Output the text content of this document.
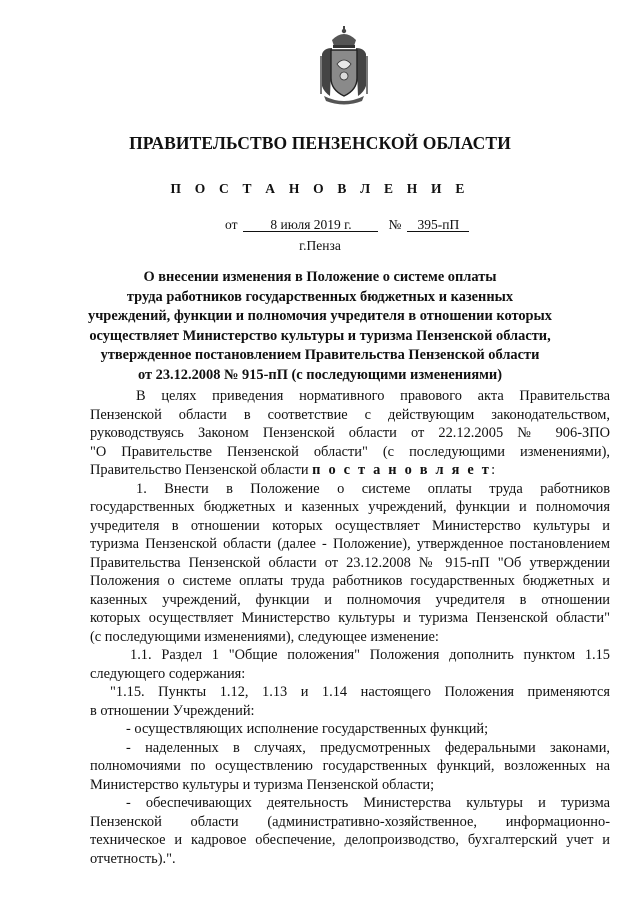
ПРАВИТЕЛЬСТВО ПЕНЗЕНСКОЙ ОБЛАСТИ
П О С Т А Н О В Л Е Н И Е
от 8 июля 2019 г.	№ 395-пП
г.Пенза
О внесении изменения в Положение о системе оплаты
труда работников государственных бюджетных и казенных
учреждений, функции и полномочия учредителя в отношении которых
осуществляет Министерство культуры и туризма Пензенской области,
утвержденное постановлением Правительства Пензенской области
от 23.12.2008 № 915-пП (с последующими изменениями)
В целях приведения нормативного правового акта Правительства
Пензенской области в соответствие с действующим законодательством,
руководствуясь Законом Пензенской области от 22.12.2005 № 906-ЗПО
"О Правительстве Пензенской области" (с последующими изменениями),
Правительство Пензенской области п о с т а н о в л я е т:
1. Внести в Положение о системе оплаты труда работников
государственных бюджетных и казенных учреждений, функции и полномочия
учредителя в отношении которых осуществляет Министерство культуры и
туризма Пензенской области (далее - Положение), утвержденное постановлением
Правительства Пензенской области от 23.12.2008 № 915-пП "Об утверждении
Положения о системе оплаты труда работников государственных бюджетных и
казенных учреждений, функции и полномочия учредителя в отношении
которых осуществляет Министерство культуры и туризма Пензенской области"
(с последующими изменениями), следующее изменение:
1.1. Раздел 1 "Общие положения" Положения дополнить пунктом 1.15
следующего содержания:
"1.15. Пункты 1.12, 1.13 и 1.14 настоящего Положения применяются
в отношении Учреждений:
- осуществляющих исполнение государственных функций;
- наделенных в случаях, предусмотренных федеральными законами,
полномочиями по осуществлению государственных функций, возложенных на
Министерство культуры и туризма Пензенской области;
- обеспечивающих деятельность Министерства культуры и туризма
Пензенской области (административно-хозяйственное, информационно-
техническое и кадровое обеспечение, делопроизводство, бухгалтерский учет и
отчетность).".
